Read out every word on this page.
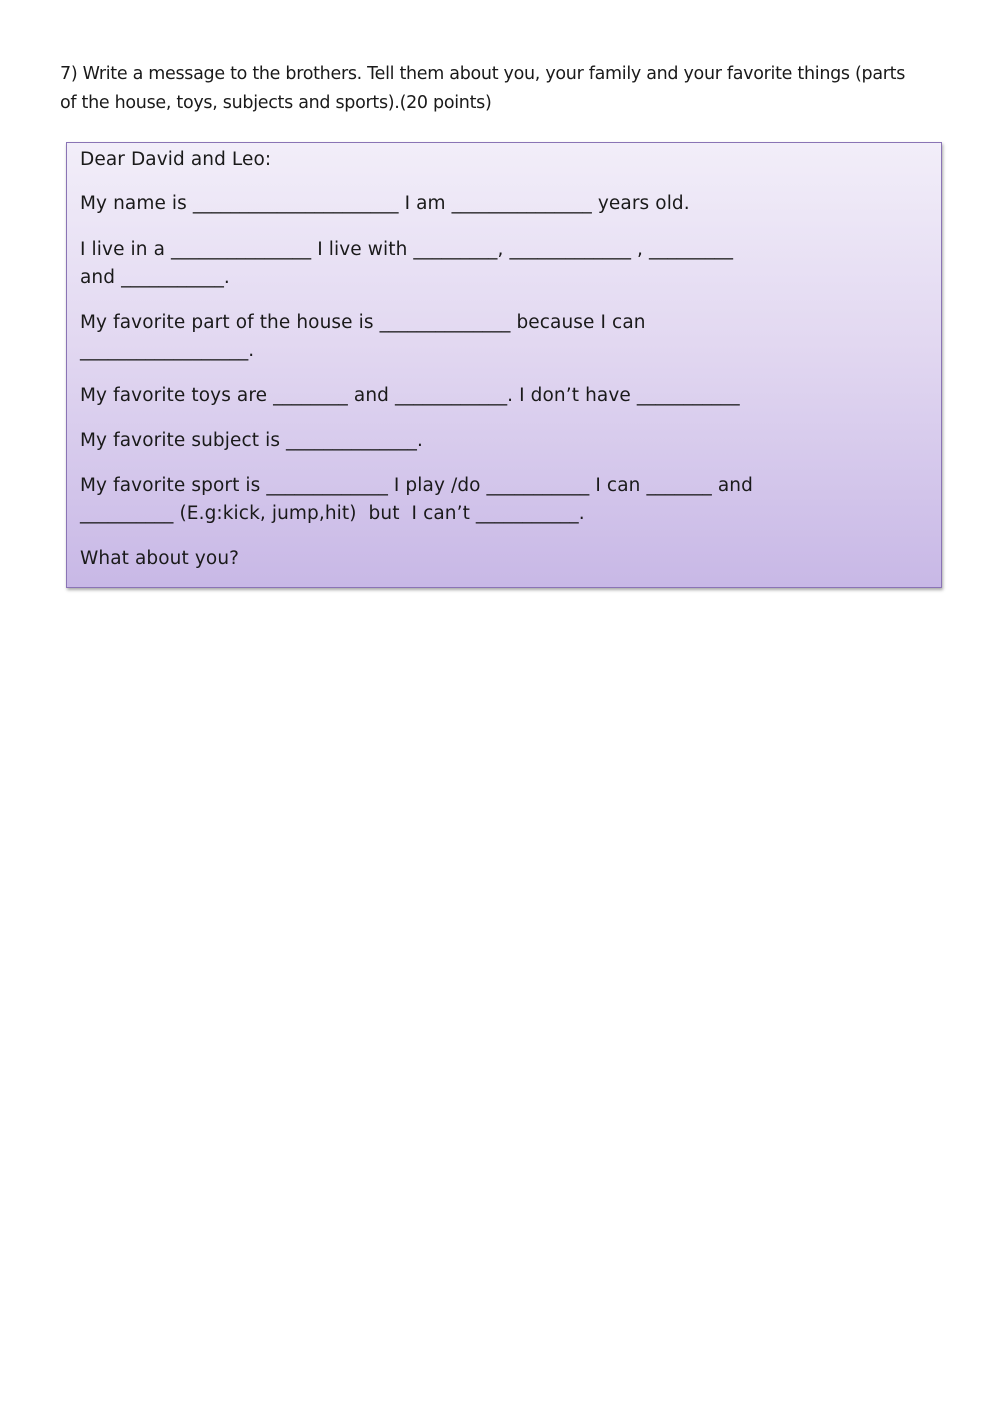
7) Write a message to the brothers. Tell them about you, your family and your favorite things (parts
of the house, toys, subjects and sports).(20 points)

Dear David and Leo:

My name is ______________________ I am _______________ years old.

I live in a _______________ I live with _________, _____________ , _________

and ___________.

My favorite part of the house is ______________ because I can

__________________.

My favorite toys are ________ and ____________. I don’t have ___________

My favorite subject is ______________.

My favorite sport is _____________ I play /do ___________ I can _______ and

__________ (E.g:kick, jump,hit)  but  I can’t ___________.

What about you?
